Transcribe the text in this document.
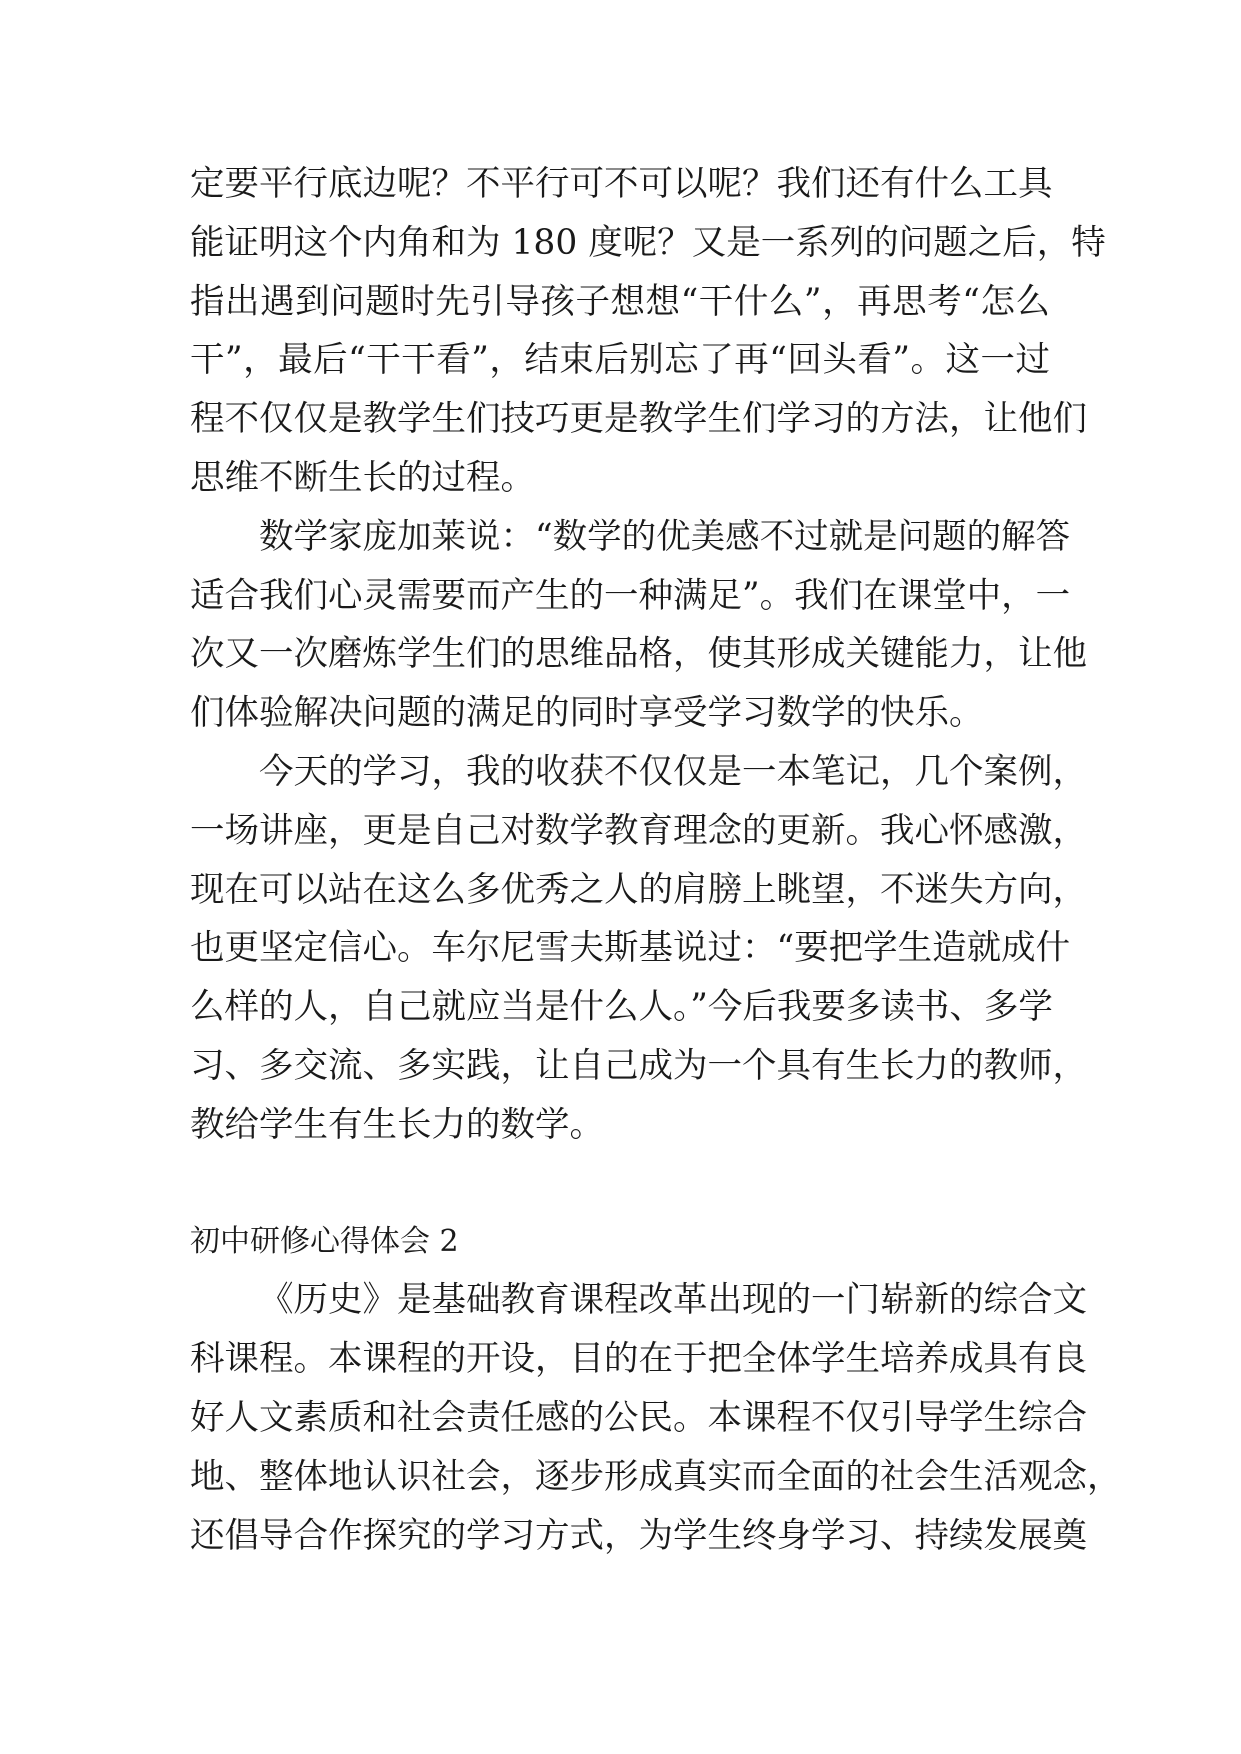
定要平行底边呢？不平行可不可以呢？我们还有什么工具
能证明这个内角和为 180 度呢？又是一系列的问题之后，特
指出遇到问题时先引导孩子想想“干什么”，再思考“怎么
干”，最后“干干看”，结束后别忘了再“回头看”。这一过
程不仅仅是教学生们技巧更是教学生们学习的方法，让他们
思维不断生长的过程。
数学家庞加莱说：“数学的优美感不过就是问题的解答
适合我们心灵需要而产生的一种满足”。我们在课堂中，一
次又一次磨炼学生们的思维品格，使其形成关键能力，让他
们体验解决问题的满足的同时享受学习数学的快乐。
今天的学习，我的收获不仅仅是一本笔记，几个案例，
一场讲座，更是自己对数学教育理念的更新。我心怀感激，
现在可以站在这么多优秀之人的肩膀上眺望，不迷失方向，
也更坚定信心。车尔尼雪夫斯基说过：“要把学生造就成什
么样的人，自己就应当是什么人。”今后我要多读书、多学
习、多交流、多实践，让自己成为一个具有生长力的教师，
教给学生有生长力的数学。
初中研修心得体会 2
《历史》是基础教育课程改革出现的一门崭新的综合文
科课程。本课程的开设，目的在于把全体学生培养成具有良
好人文素质和社会责任感的公民。本课程不仅引导学生综合
地、整体地认识社会，逐步形成真实而全面的社会生活观念，
还倡导合作探究的学习方式，为学生终身学习、持续发展奠
